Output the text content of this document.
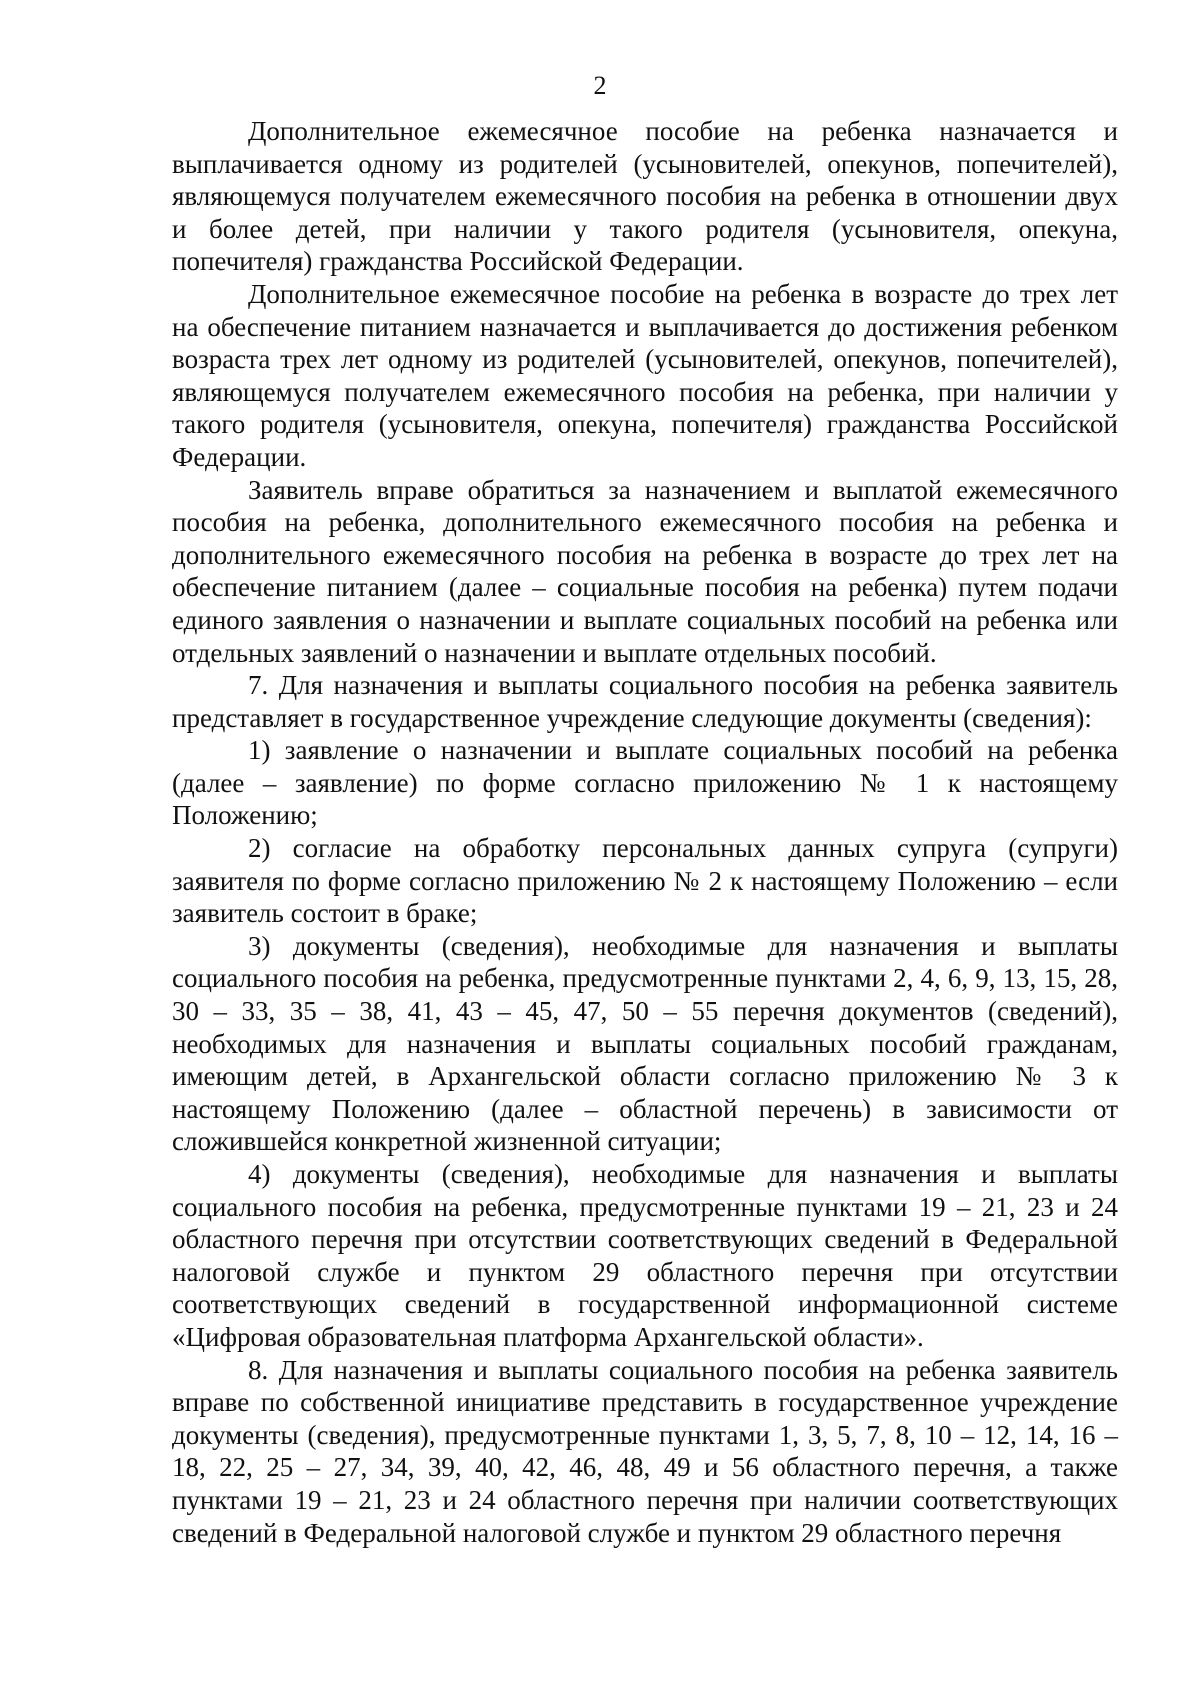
2

Дополнительное ежемесячное пособие на ребенка назначается и выплачивается одному из родителей (усыновителей, опекунов, попечителей), являющемуся получателем ежемесячного пособия на ребенка в отношении двух и более детей, при наличии у такого родителя (усыновителя, опекуна, попечителя) гражданства Российской Федерации.

Дополнительное ежемесячное пособие на ребенка в возрасте до трех лет на обеспечение питанием назначается и выплачивается до достижения ребенком возраста трех лет одному из родителей (усыновителей, опекунов, попечителей), являющемуся получателем ежемесячного пособия на ребенка, при наличии у такого родителя (усыновителя, опекуна, попечителя) гражданства Российской Федерации.

Заявитель вправе обратиться за назначением и выплатой ежемесячного пособия на ребенка, дополнительного ежемесячного пособия на ребенка и дополнительного ежемесячного пособия на ребенка в возрасте до трех лет на обеспечение питанием (далее – социальные пособия на ребенка) путем подачи единого заявления о назначении и выплате социальных пособий на ребенка или отдельных заявлений о назначении и выплате отдельных пособий.

7. Для назначения и выплаты социального пособия на ребенка заявитель представляет в государственное учреждение следующие документы (сведения):

1) заявление о назначении и выплате социальных пособий на ребенка (далее – заявление) по форме согласно приложению № 1 к настоящему Положению;

2) согласие на обработку персональных данных супруга (супруги) заявителя по форме согласно приложению № 2 к настоящему Положению – если заявитель состоит в браке;

3) документы (сведения), необходимые для назначения и выплаты социального пособия на ребенка, предусмотренные пунктами 2, 4, 6, 9, 13, 15, 28, 30 – 33, 35 – 38, 41, 43 – 45, 47, 50 – 55 перечня документов (сведений), необходимых для назначения и выплаты социальных пособий гражданам, имеющим детей, в Архангельской области согласно приложению № 3 к настоящему Положению (далее – областной перечень) в зависимости от сложившейся конкретной жизненной ситуации;

4) документы (сведения), необходимые для назначения и выплаты социального пособия на ребенка, предусмотренные пунктами 19 – 21, 23 и 24 областного перечня при отсутствии соответствующих сведений в Федеральной налоговой службе и пунктом 29 областного перечня при отсутствии соответствующих сведений в государственной информационной системе «Цифровая образовательная платформа Архангельской области».

8. Для назначения и выплаты социального пособия на ребенка заявитель вправе по собственной инициативе представить в государственное учреждение документы (сведения), предусмотренные пунктами 1, 3, 5, 7, 8, 10 – 12, 14, 16 – 18, 22, 25 – 27, 34, 39, 40, 42, 46, 48, 49 и 56 областного перечня, а также пунктами 19 – 21, 23 и 24 областного перечня при наличии соответствующих сведений в Федеральной налоговой службе и пунктом 29 областного перечня
